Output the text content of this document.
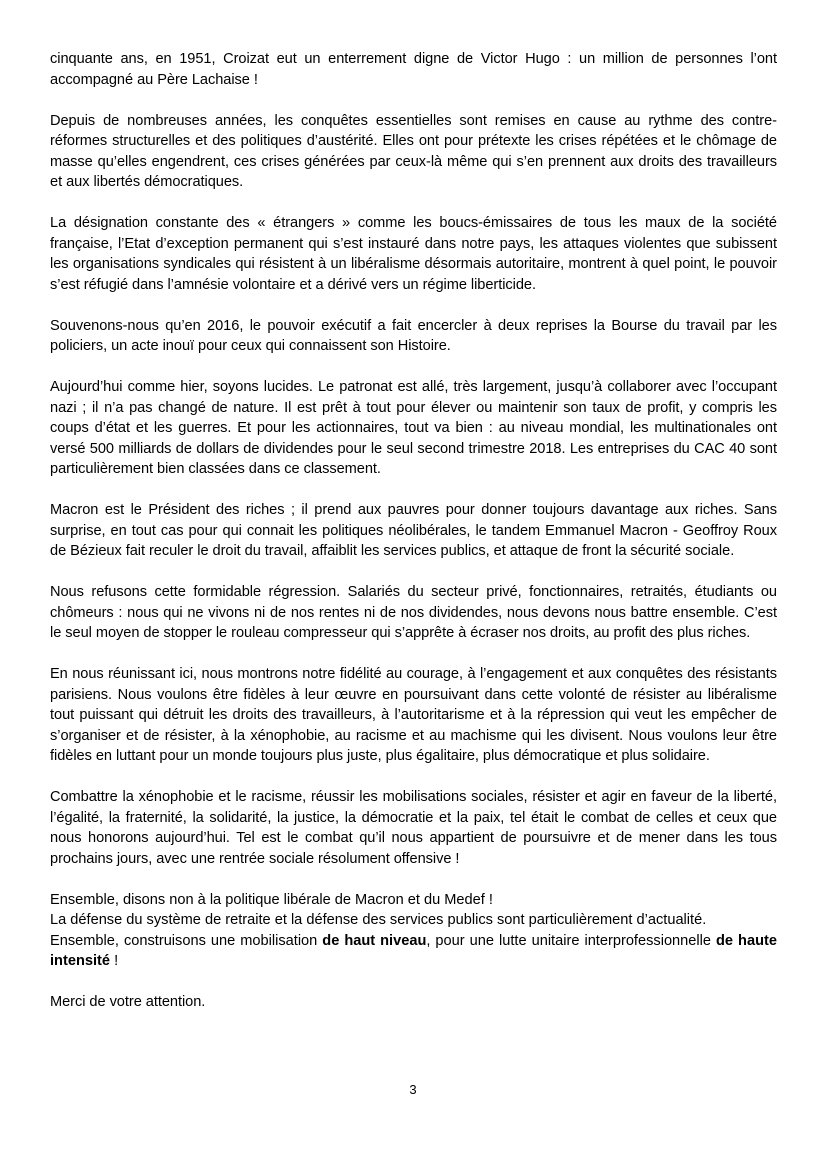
cinquante ans, en 1951, Croizat eut un enterrement digne de Victor Hugo : un million de personnes l’ont accompagné au Père Lachaise !

Depuis de nombreuses années, les conquêtes essentielles sont remises en cause au rythme des contre-réformes structurelles et des politiques d’austérité. Elles ont pour prétexte les crises répétées et le chômage de masse qu’elles engendrent, ces crises générées par ceux-là même qui s’en prennent aux droits des travailleurs et aux libertés démocratiques.

La désignation constante des « étrangers » comme les boucs-émissaires de tous les maux de la société française, l’Etat d’exception permanent qui s’est instauré dans notre pays, les attaques violentes que subissent les organisations syndicales qui résistent à un libéralisme désormais autoritaire, montrent à quel point, le pouvoir s’est réfugié dans l’amnésie volontaire et a dérivé vers un régime liberticide.

Souvenons-nous qu’en 2016, le pouvoir exécutif a fait encercler à deux reprises la Bourse du travail par les policiers, un acte inouï pour ceux qui connaissent son Histoire.

Aujourd’hui comme hier, soyons lucides. Le patronat est allé, très largement, jusqu’à collaborer avec l’occupant nazi ; il n’a pas changé de nature. Il est prêt à tout pour élever ou maintenir son taux de profit, y compris les coups d’état et les guerres. Et pour les actionnaires, tout va bien : au niveau mondial, les multinationales ont versé 500 milliards de dollars de dividendes pour le seul second trimestre 2018. Les entreprises du CAC 40 sont particulièrement bien classées dans ce classement.

Macron est le Président des riches ; il prend aux pauvres pour donner toujours davantage aux riches. Sans surprise, en tout cas pour qui connait les politiques néolibérales, le tandem Emmanuel Macron - Geoffroy Roux de Bézieux fait reculer le droit du travail, affaiblit les services publics, et attaque de front la sécurité sociale.

Nous refusons cette formidable régression. Salariés du secteur privé, fonctionnaires, retraités, étudiants ou chômeurs : nous qui ne vivons ni de nos rentes ni de nos dividendes, nous devons nous battre ensemble. C’est le seul moyen de stopper le rouleau compresseur qui s’apprête à écraser nos droits, au profit des plus riches.

En nous réunissant ici, nous montrons notre fidélité au courage, à l’engagement et aux conquêtes des résistants parisiens. Nous voulons être fidèles à leur œuvre en poursuivant dans cette volonté de résister au libéralisme tout puissant qui détruit les droits des travailleurs, à l’autoritarisme et à la répression qui veut les empêcher de s’organiser et de résister, à la xénophobie, au racisme et au machisme qui les divisent. Nous voulons leur être fidèles en luttant pour un monde toujours plus juste, plus égalitaire, plus démocratique et plus solidaire.

Combattre la xénophobie et le racisme, réussir les mobilisations sociales, résister et agir en faveur de la liberté, l’égalité, la fraternité, la solidarité, la justice, la démocratie et la paix, tel était le combat de celles et ceux que nous honorons aujourd’hui. Tel est le combat qu’il nous appartient de poursuivre et de mener dans les tous prochains jours, avec une rentrée sociale résolument offensive !

Ensemble, disons non à la politique libérale de Macron et du Medef !
La défense du système de retraite et la défense des services publics sont particulièrement d’actualité.
Ensemble, construisons une mobilisation de haut niveau, pour une lutte unitaire interprofessionnelle de haute intensité !

Merci de votre attention.

3
